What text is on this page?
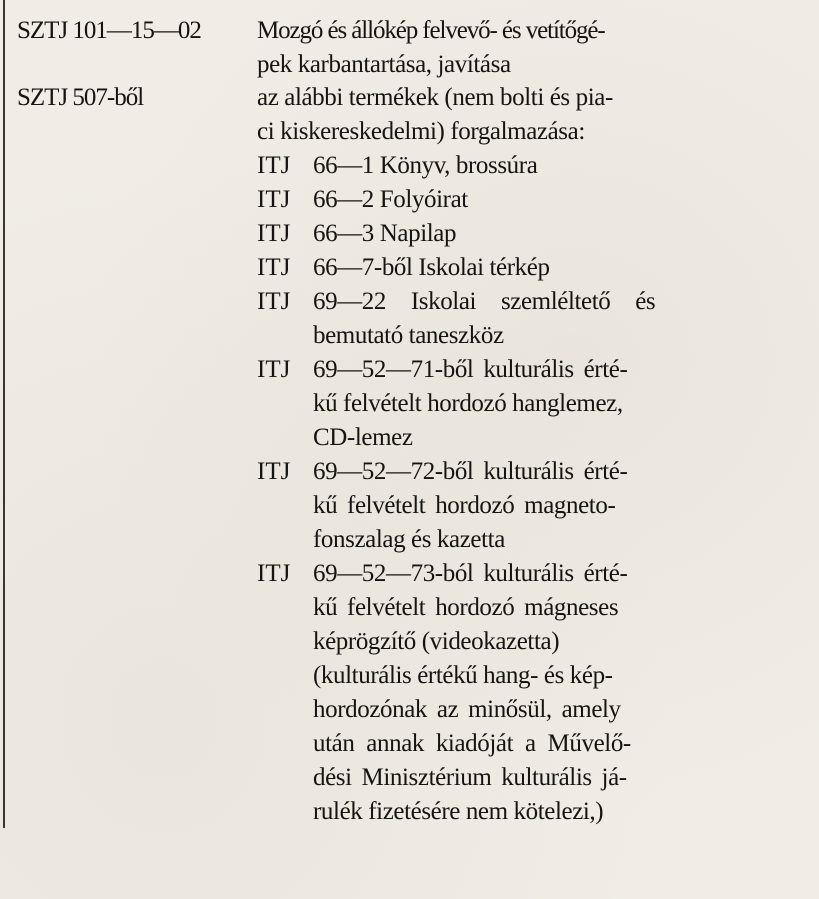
SZTJ 101—15—02 Mozgó és állókép felvevő- és vetítőgé-
pek karbantartása, javítása
SZTJ 507-ből	az alábbi termékek (nem bolti és pia-
ci kiskereskedelmi) forgalmazása:
ITJ 66—1 Könyv, brossúra
ITJ 66—2 Folyóirat
ITJ 66—3 Napilap
ITJ 66—7-ből Iskolai térkép
ITJ 69—22 Iskolai szemléltető és
bemutató taneszköz
ITJ 69—52—71-ből kulturális érté-
kű felvételt hordozó hanglemez,
CD-lemez
ITJ 69—52—72-ből kulturális érté-
kű felvételt hordozó magneto-
fonszalag és kazetta
ITJ 69—52—73-ból kulturális érté-
kű felvételt hordozó mágneses
képrögzítő (videokazetta)
(kulturális értékű hang- és kép-
hordozónak az minősül, amely
után annak kiadóját a Művelő-
dési Minisztérium kulturális já-
rulék fizetésére nem kötelezi,)
